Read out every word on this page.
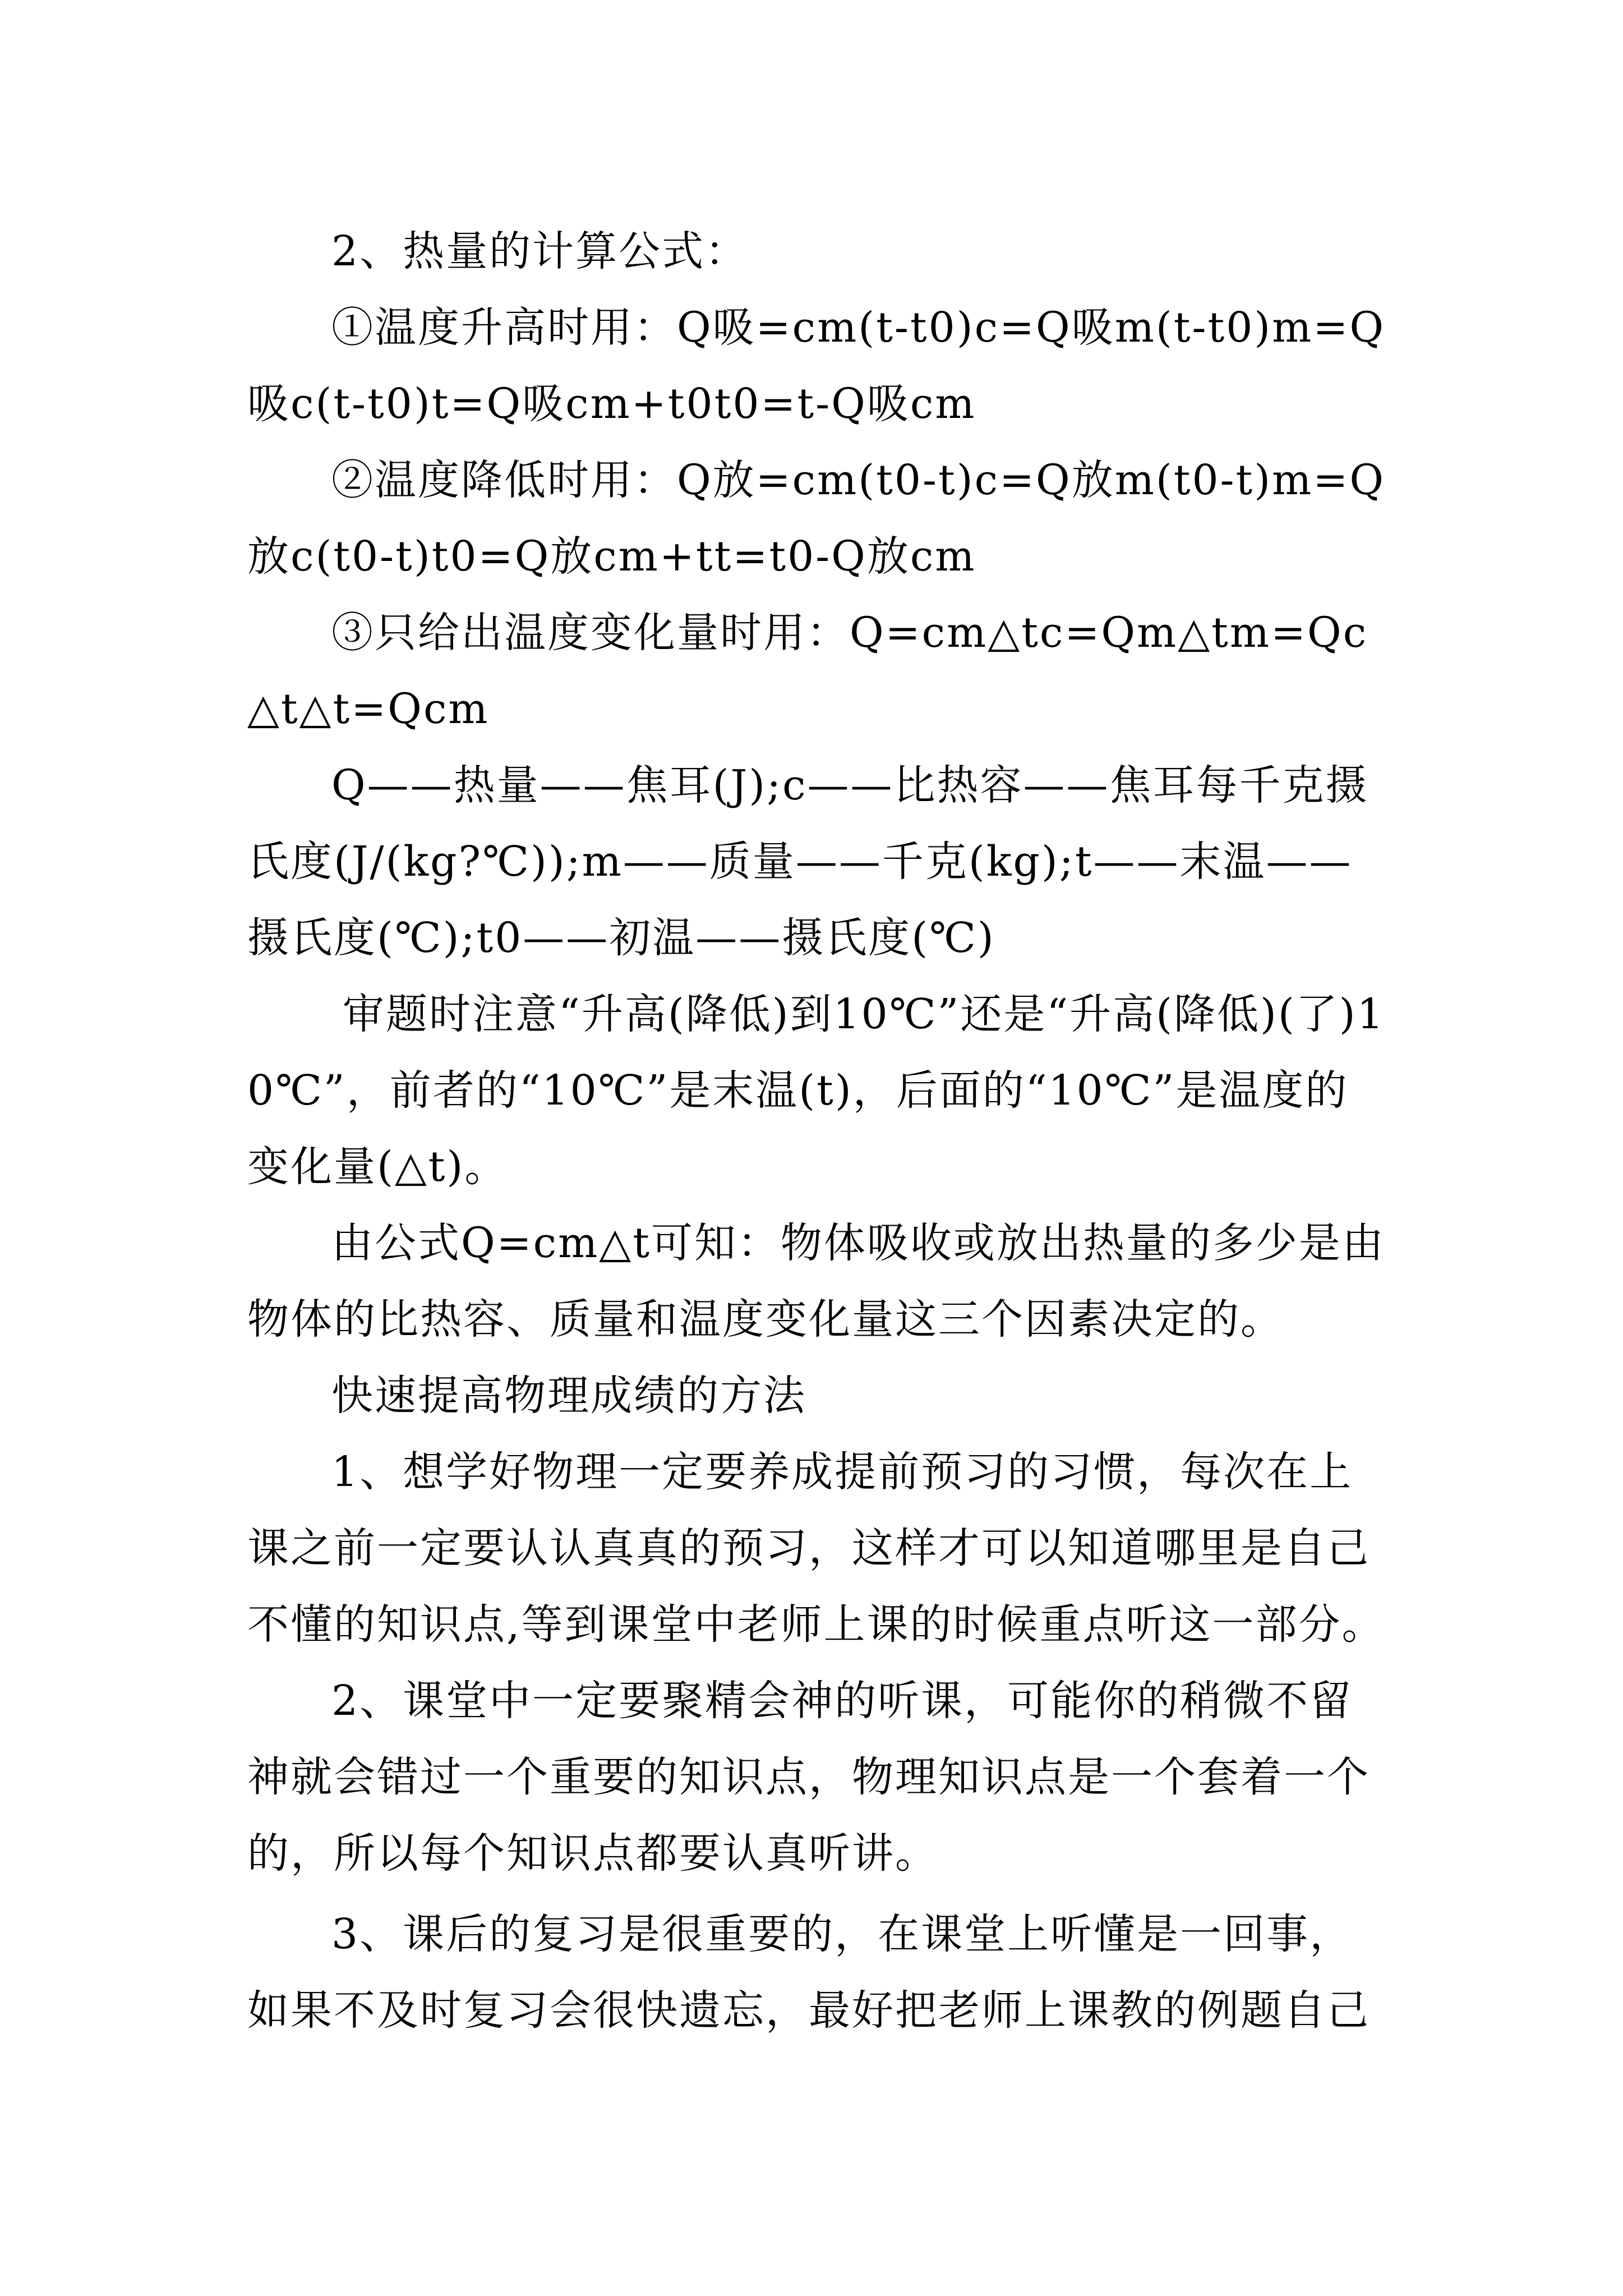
2、热量的计算公式：

①温度升高时用：Q吸=cm(t-t0)c=Q吸m(t-t0)m=Q吸c(t-t0)t=Q吸cm+t0t0=t-Q吸cm

②温度降低时用：Q放=cm(t0-t)c=Q放m(t0-t)m=Q放c(t0-t)t0=Q放cm+tt=t0-Q放cm

③只给出温度变化量时用：Q=cm△tc=Qm△tm=Qc△t△t=Qcm

Q——热量——焦耳(J);c——比热容——焦耳每千克摄氏度(J/(kg?℃));m——质量——千克(kg);t——末温——摄氏度(℃);t0——初温——摄氏度(℃)

审题时注意“升高(降低)到10℃”还是“升高(降低)(了)10℃”，前者的“10℃”是末温(t)，后面的“10℃”是温度的变化量(△t)。

由公式Q=cm△t可知：物体吸收或放出热量的多少是由物体的比热容、质量和温度变化量这三个因素决定的。

快速提高物理成绩的方法

1、想学好物理一定要养成提前预习的习惯，每次在上课之前一定要认认真真的预习，这样才可以知道哪里是自己不懂的知识点,等到课堂中老师上课的时候重点听这一部分。

2、课堂中一定要聚精会神的听课，可能你的稍微不留神就会错过一个重要的知识点，物理知识点是一个套着一个的，所以每个知识点都要认真听讲。

3、课后的复习是很重要的，在课堂上听懂是一回事，如果不及时复习会很快遗忘，最好把老师上课教的例题自己
